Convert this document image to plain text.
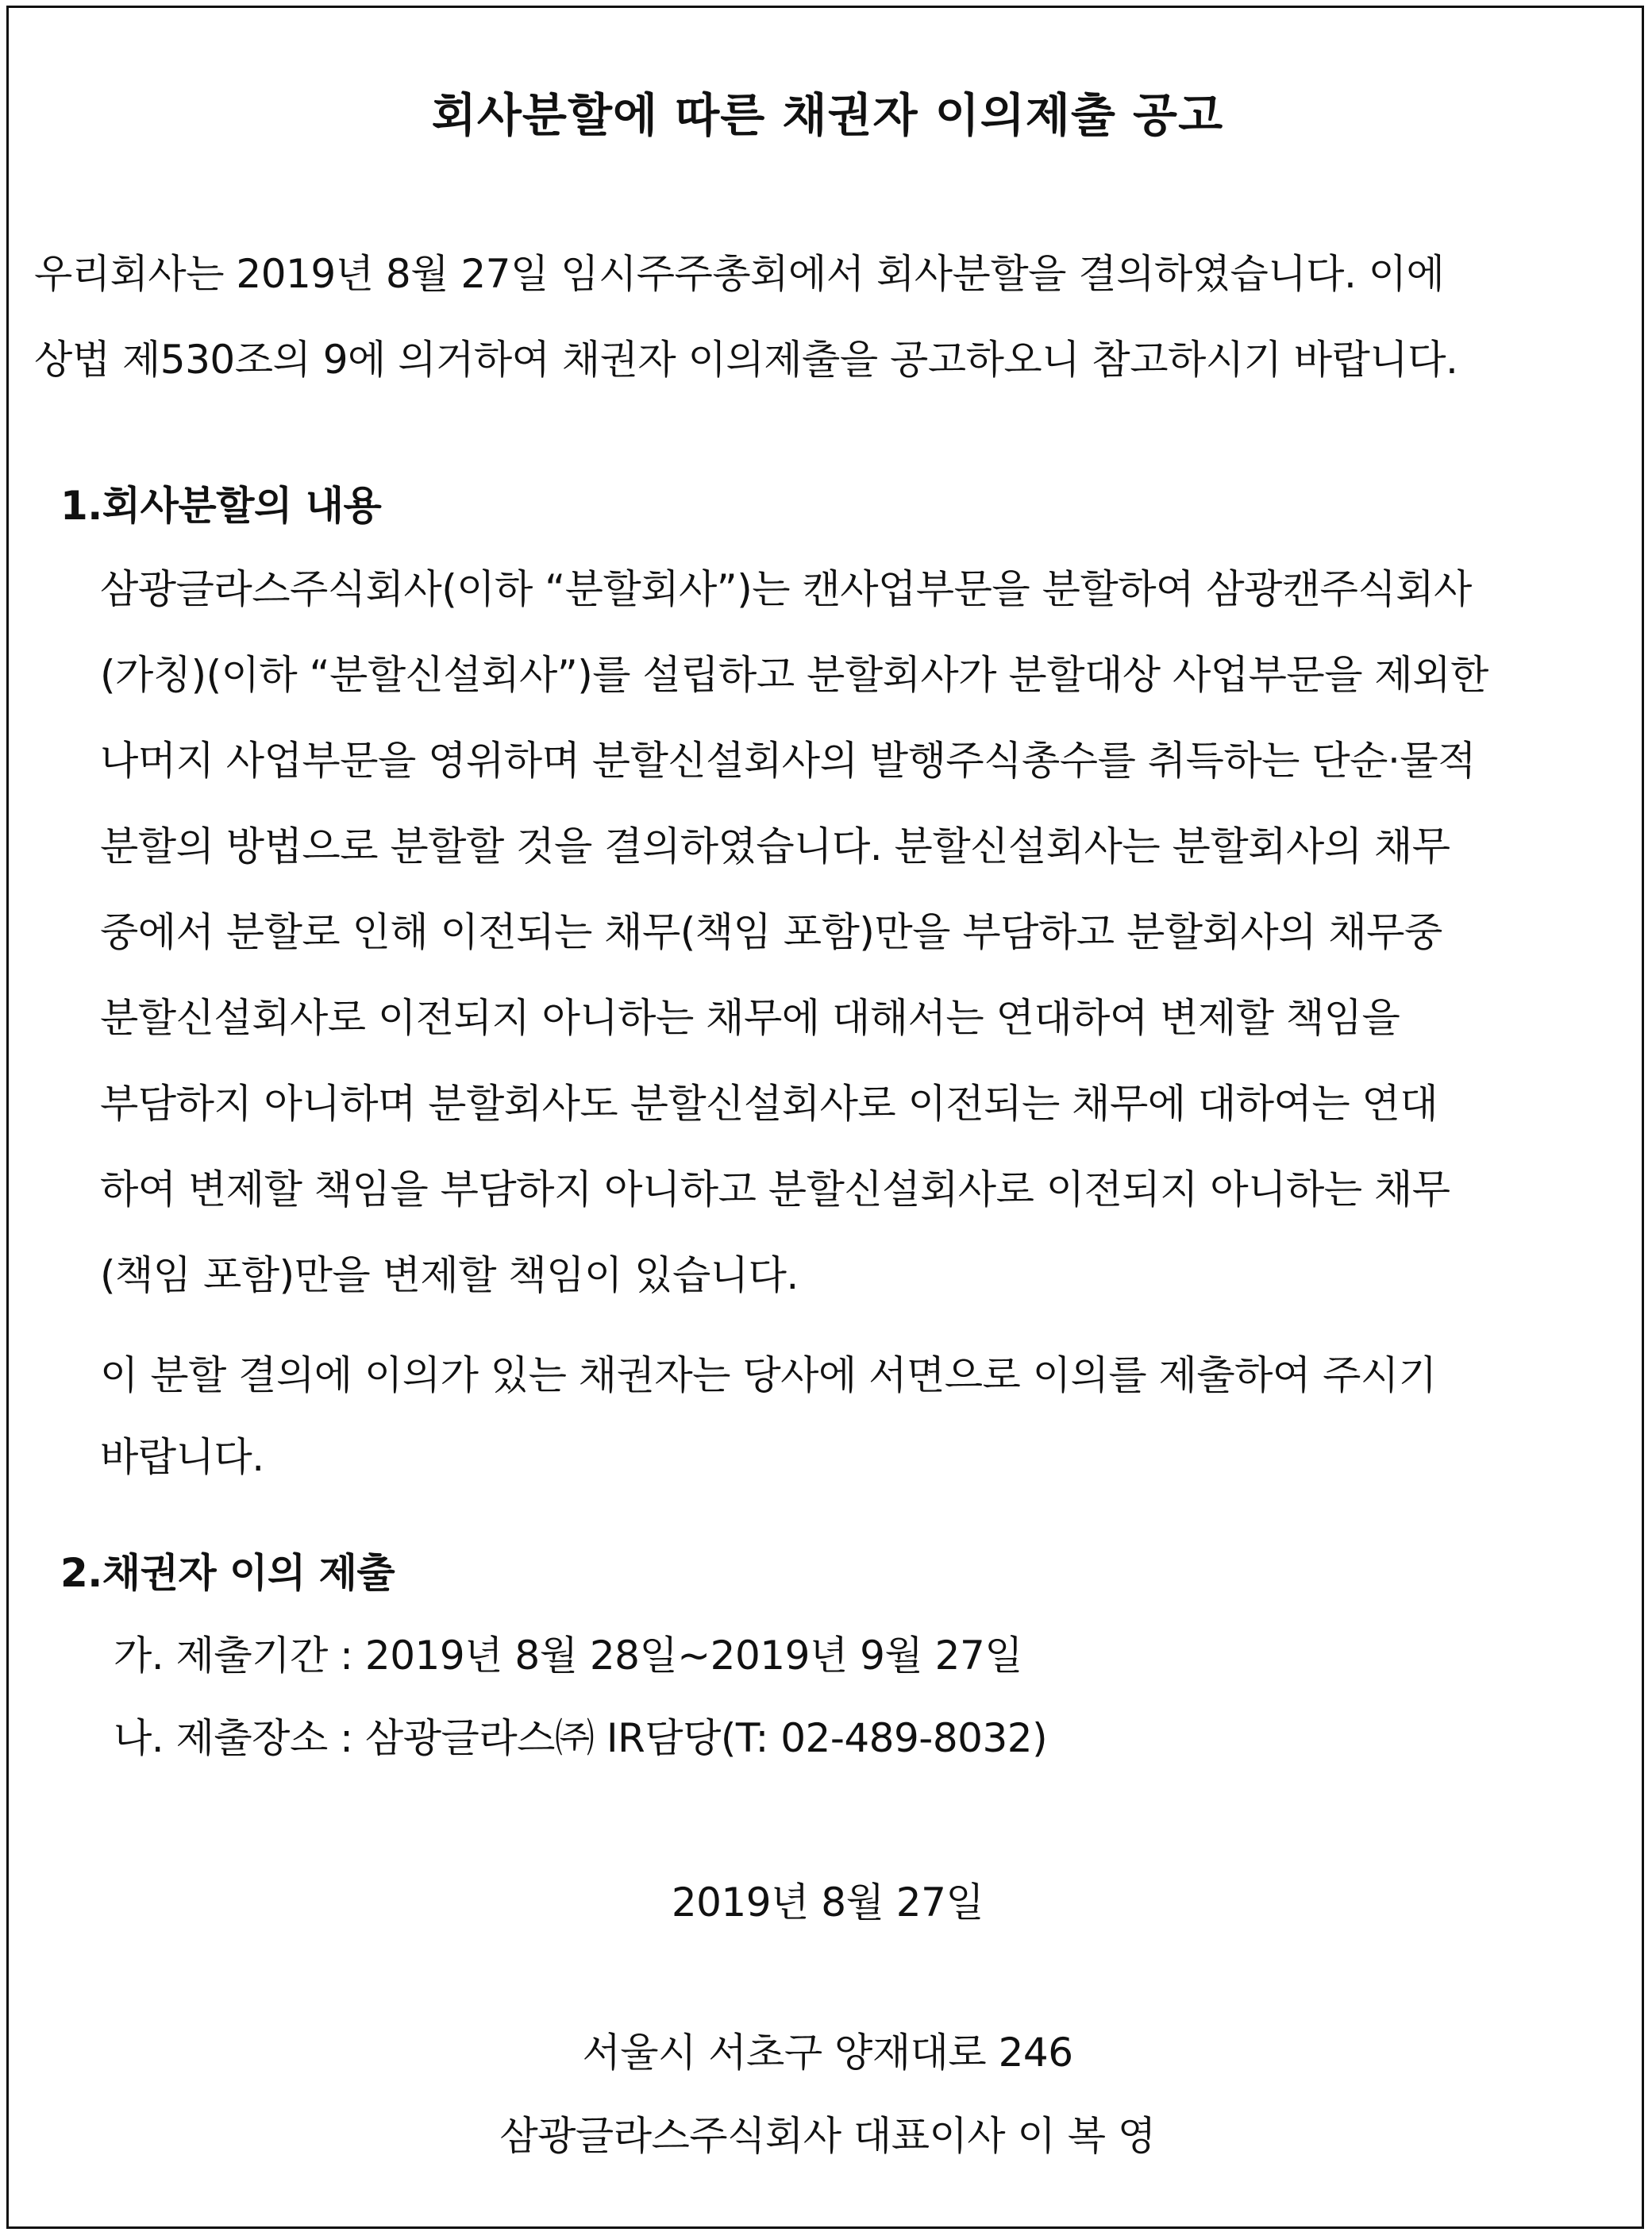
회사분할에 따른 채권자 이의제출 공고
우리회사는 2019년 8월 27일 임시주주총회에서 회사분할을 결의하였습니다. 이에
상법 제530조의 9에 의거하여 채권자 이의제출을 공고하오니 참고하시기 바랍니다.
1.회사분할의 내용
삼광글라스주식회사(이하 “분할회사”)는 캔사업부문을 분할하여 삼광캔주식회사
(가칭)(이하 “분할신설회사”)를 설립하고 분할회사가 분할대상 사업부문을 제외한
나머지 사업부문을 영위하며 분할신설회사의 발행주식총수를 취득하는 단순·물적
분할의 방법으로 분할할 것을 결의하였습니다. 분할신설회사는 분할회사의 채무
중에서 분할로 인해 이전되는 채무(책임 포함)만을 부담하고 분할회사의 채무중
분할신설회사로 이전되지 아니하는 채무에 대해서는 연대하여 변제할 책임을
부담하지 아니하며 분할회사도 분할신설회사로 이전되는 채무에 대하여는 연대
하여 변제할 책임을 부담하지 아니하고 분할신설회사로 이전되지 아니하는 채무
(책임 포함)만을 변제할 책임이 있습니다.
이 분할 결의에 이의가 있는 채권자는 당사에 서면으로 이의를 제출하여 주시기
바랍니다.
2.채권자 이의 제출
가. 제출기간 : 2019년 8월 28일~2019년 9월 27일
나. 제출장소 : 삼광글라스㈜ IR담당(T: 02-489-8032)
2019년 8월 27일
서울시 서초구 양재대로 246
삼광글라스주식회사 대표이사 이 복 영
